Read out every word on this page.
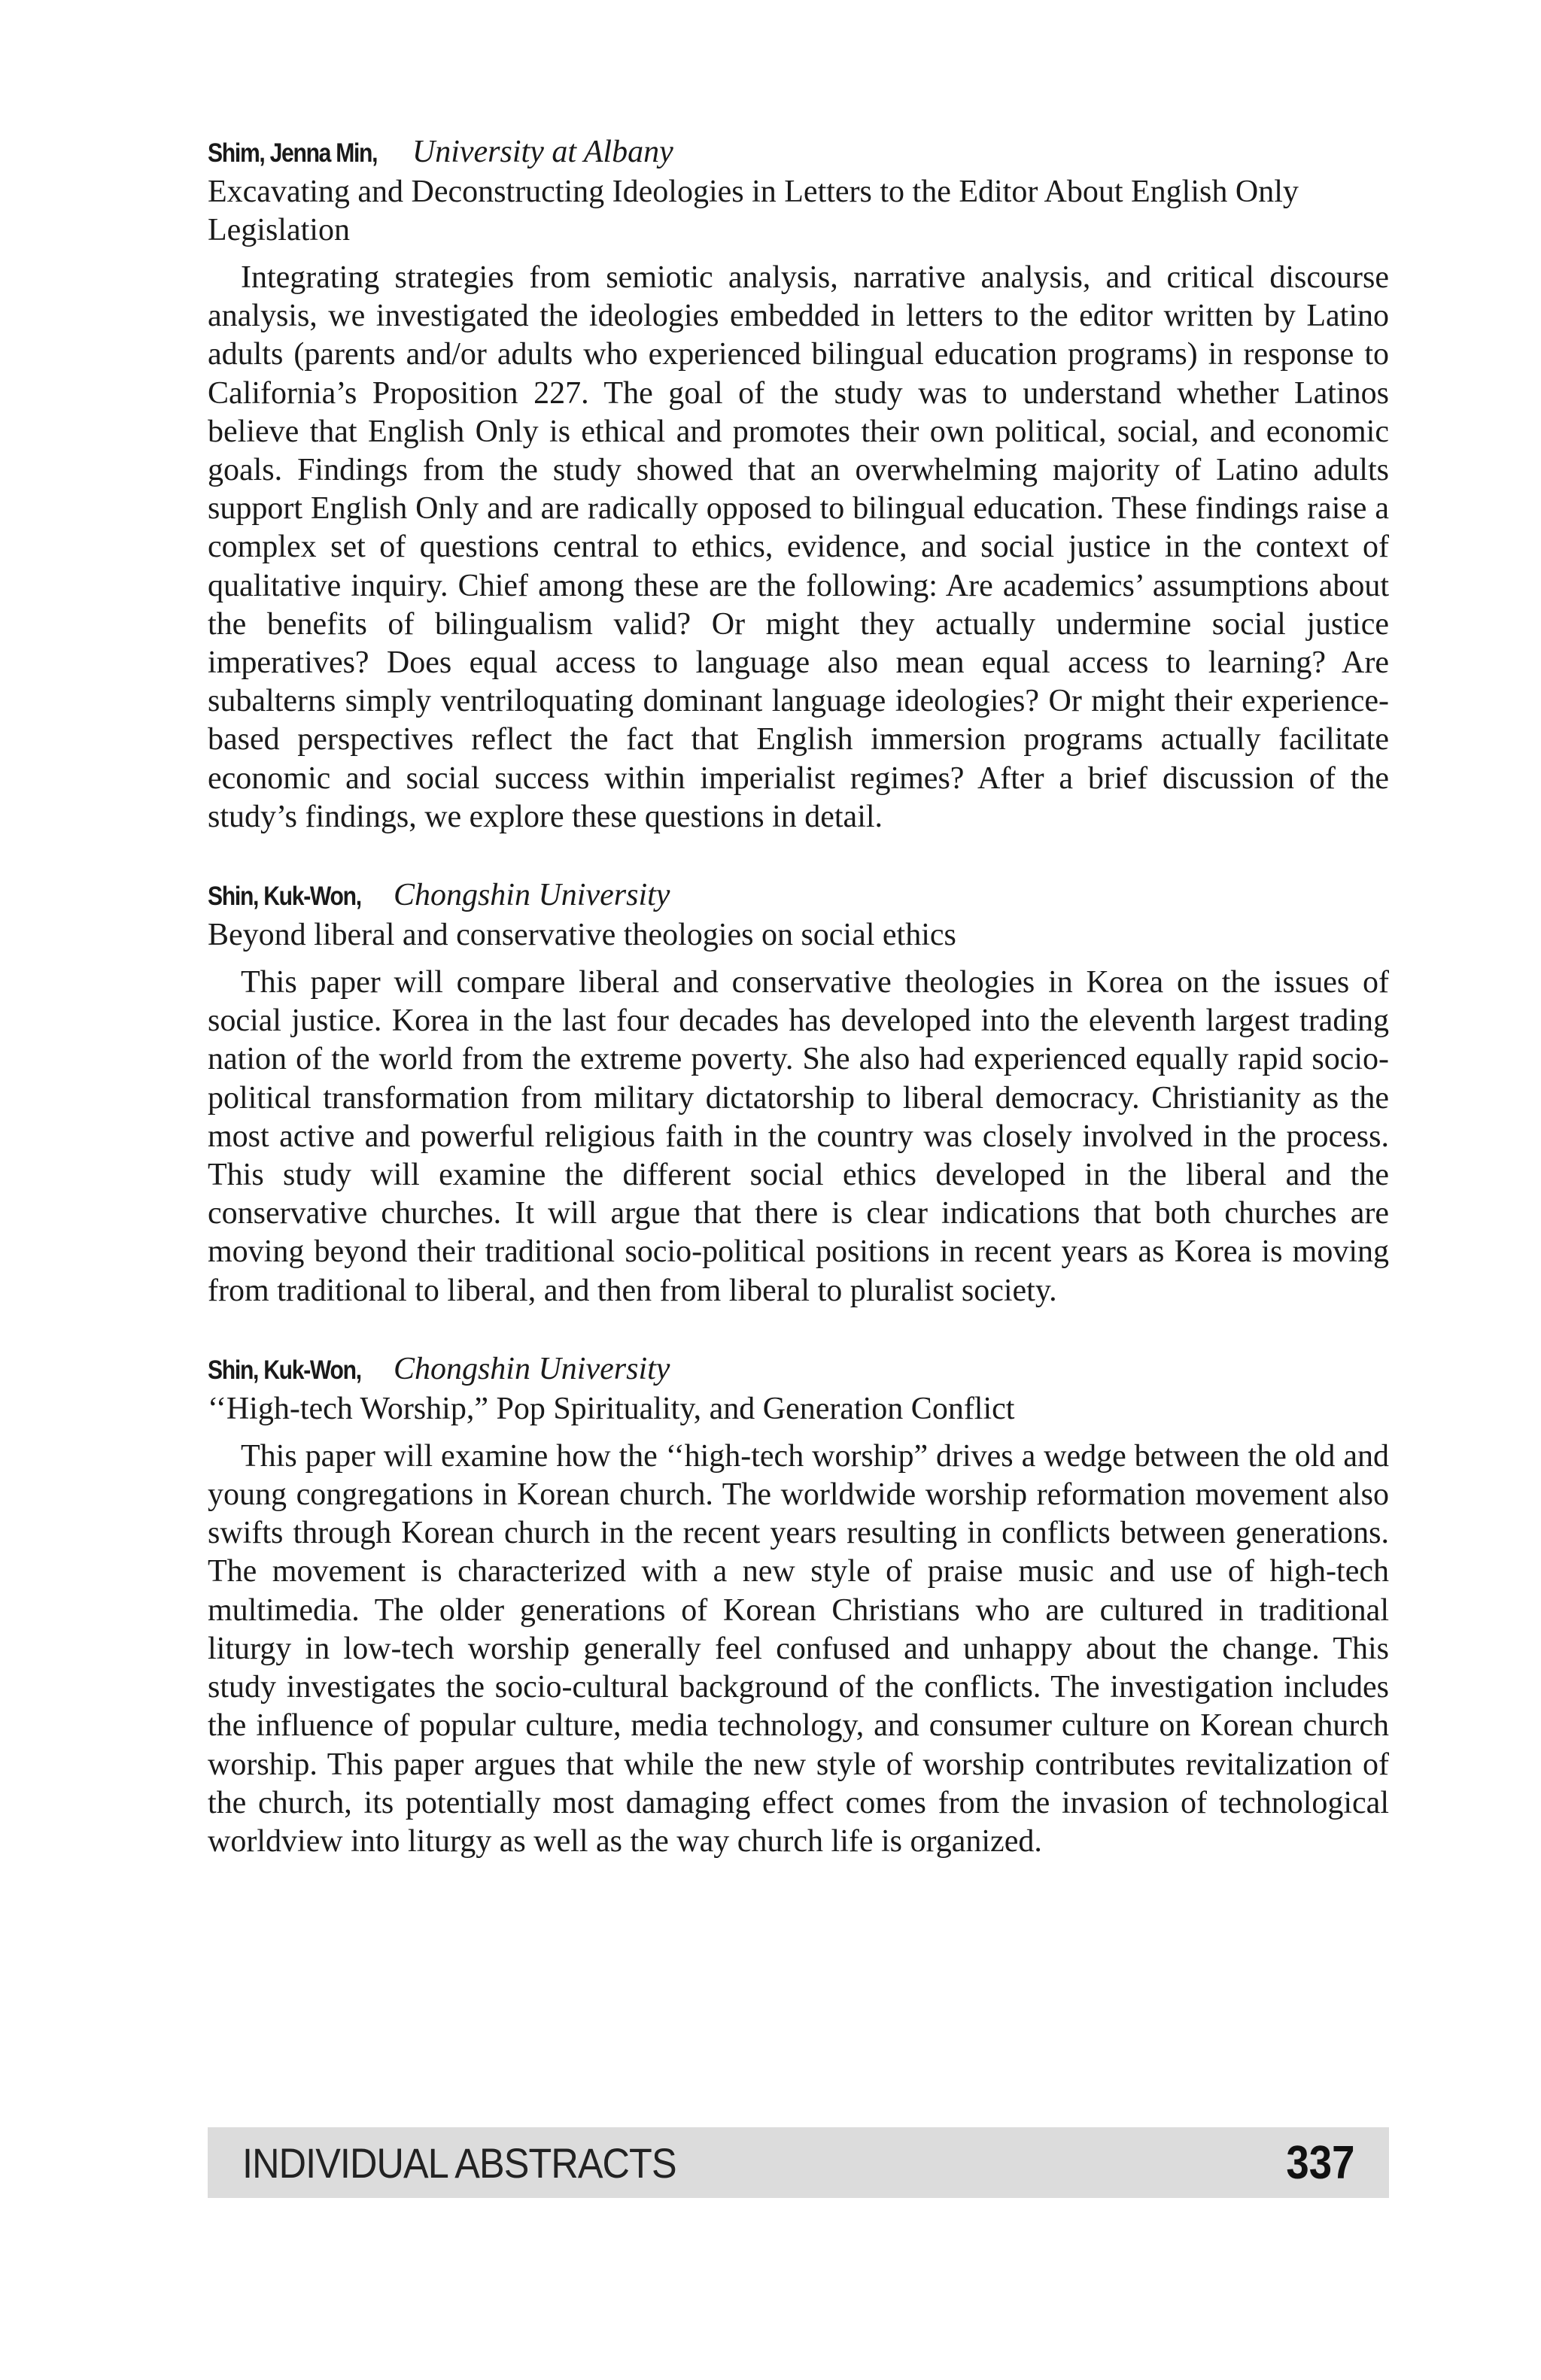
Shim, Jenna Min, University at Albany
Excavating and Deconstructing Ideologies in Letters to the Editor About English Only Legislation

Integrating strategies from semiotic analysis, narrative analysis, and critical discourse analysis, we investigated the ideologies embedded in letters to the editor written by Latino adults (parents and/or adults who experienced bilingual education programs) in response to California’s Proposition 227. The goal of the study was to understand whether Latinos believe that English Only is ethical and promotes their own political, social, and economic goals. Findings from the study showed that an overwhelming majority of Latino adults support English Only and are radically opposed to bilingual education. These findings raise a complex set of questions central to ethics, evidence, and social justice in the context of qualitative inquiry. Chief among these are the following: Are academics’ assumptions about the benefits of bilingualism valid? Or might they actually undermine social justice imperatives? Does equal access to language also mean equal access to learning? Are subalterns simply ventriloquating dominant language ideologies? Or might their experience-based perspectives reflect the fact that English immersion programs actually facilitate economic and social success within imperialist regimes? After a brief discussion of the study’s findings, we explore these questions in detail.

Shin, Kuk-Won, Chongshin University
Beyond liberal and conservative theologies on social ethics

This paper will compare liberal and conservative theologies in Korea on the issues of social justice. Korea in the last four decades has developed into the eleventh largest trading nation of the world from the extreme poverty. She also had experienced equally rapid socio-political transformation from military dictatorship to liberal democracy. Christianity as the most active and powerful religious faith in the country was closely involved in the process. This study will examine the different social ethics developed in the liberal and the conservative churches. It will argue that there is clear indications that both churches are moving beyond their traditional socio-political positions in recent years as Korea is moving from traditional to liberal, and then from liberal to pluralist society.

Shin, Kuk-Won, Chongshin University
‘‘High-tech Worship,” Pop Spirituality, and Generation Conflict

This paper will examine how the ‘‘high-tech worship” drives a wedge between the old and young congregations in Korean church. The worldwide worship reformation movement also swifts through Korean church in the recent years resulting in conflicts between generations. The movement is characterized with a new style of praise music and use of high-tech multimedia. The older generations of Korean Christians who are cultured in traditional liturgy in low-tech worship generally feel confused and unhappy about the change. This study investigates the socio-cultural background of the conflicts. The investigation includes the influence of popular culture, media technology, and consumer culture on Korean church worship. This paper argues that while the new style of worship contributes revitalization of the church, its potentially most damaging effect comes from the invasion of technological worldview into liturgy as well as the way church life is organized.

INDIVIDUAL ABSTRACTS	337
